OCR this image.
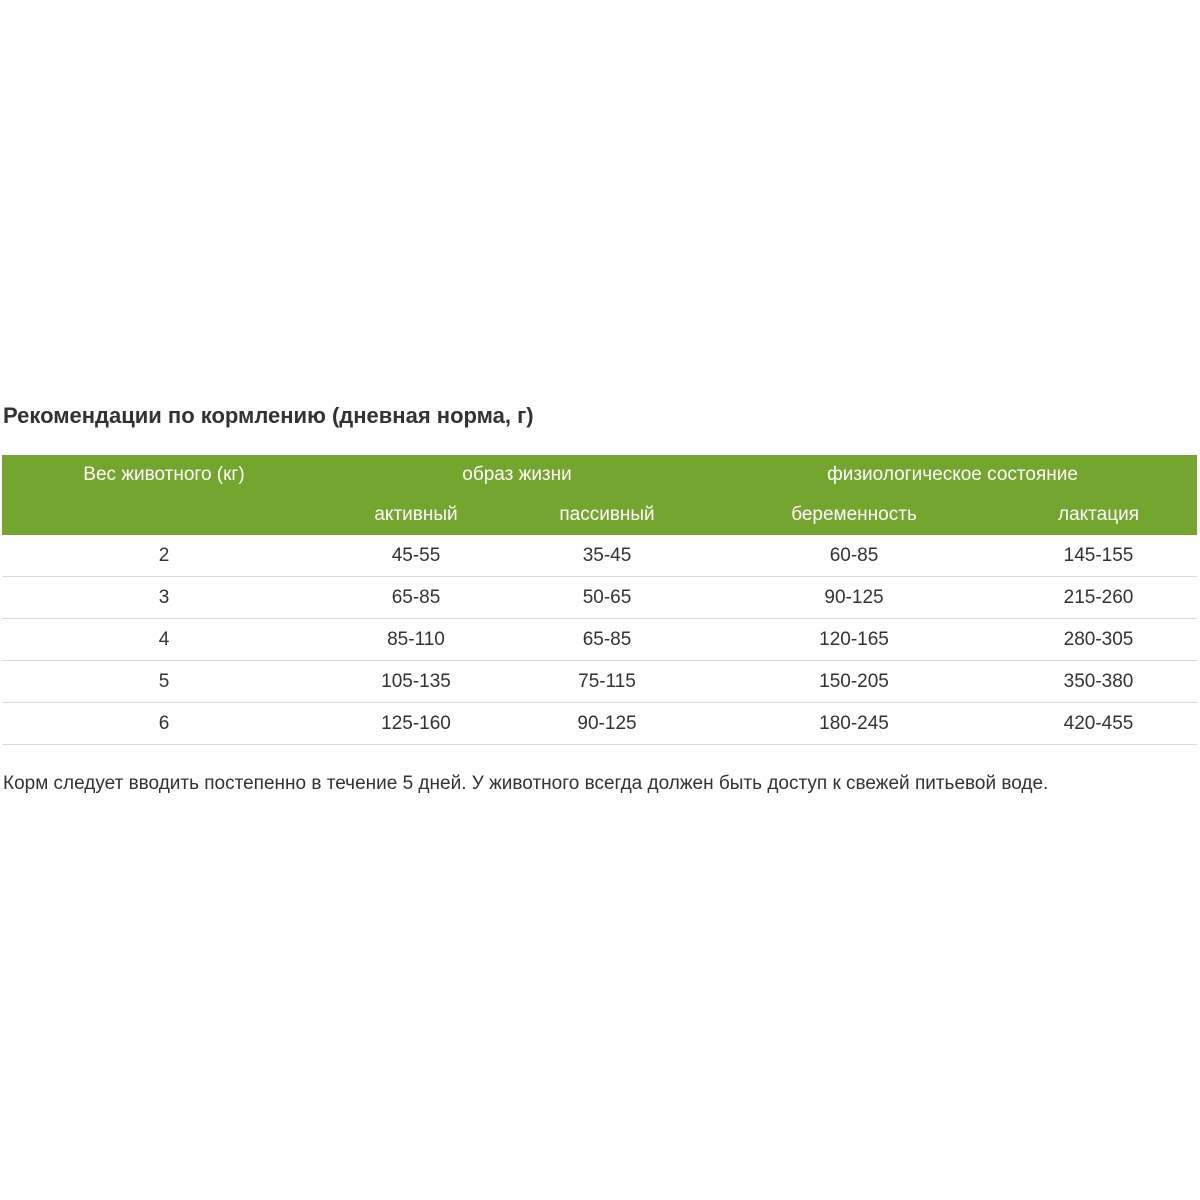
Рекомендации по кормлению (дневная норма, г)
Вес животного (кг)	образ жизни		физиологическое состояние	
	активный	пассивный	беременность	лактация
2	45-55	35-45	60-85	145-155
3	65-85	50-65	90-125	215-260
4	85-110	65-85	120-165	280-305
5	105-135	75-115	150-205	350-380
6	125-160	90-125	180-245	420-455

Корм следует вводить постепенно в течение 5 дней. У животного всегда должен быть доступ к свежей питьевой воде.
